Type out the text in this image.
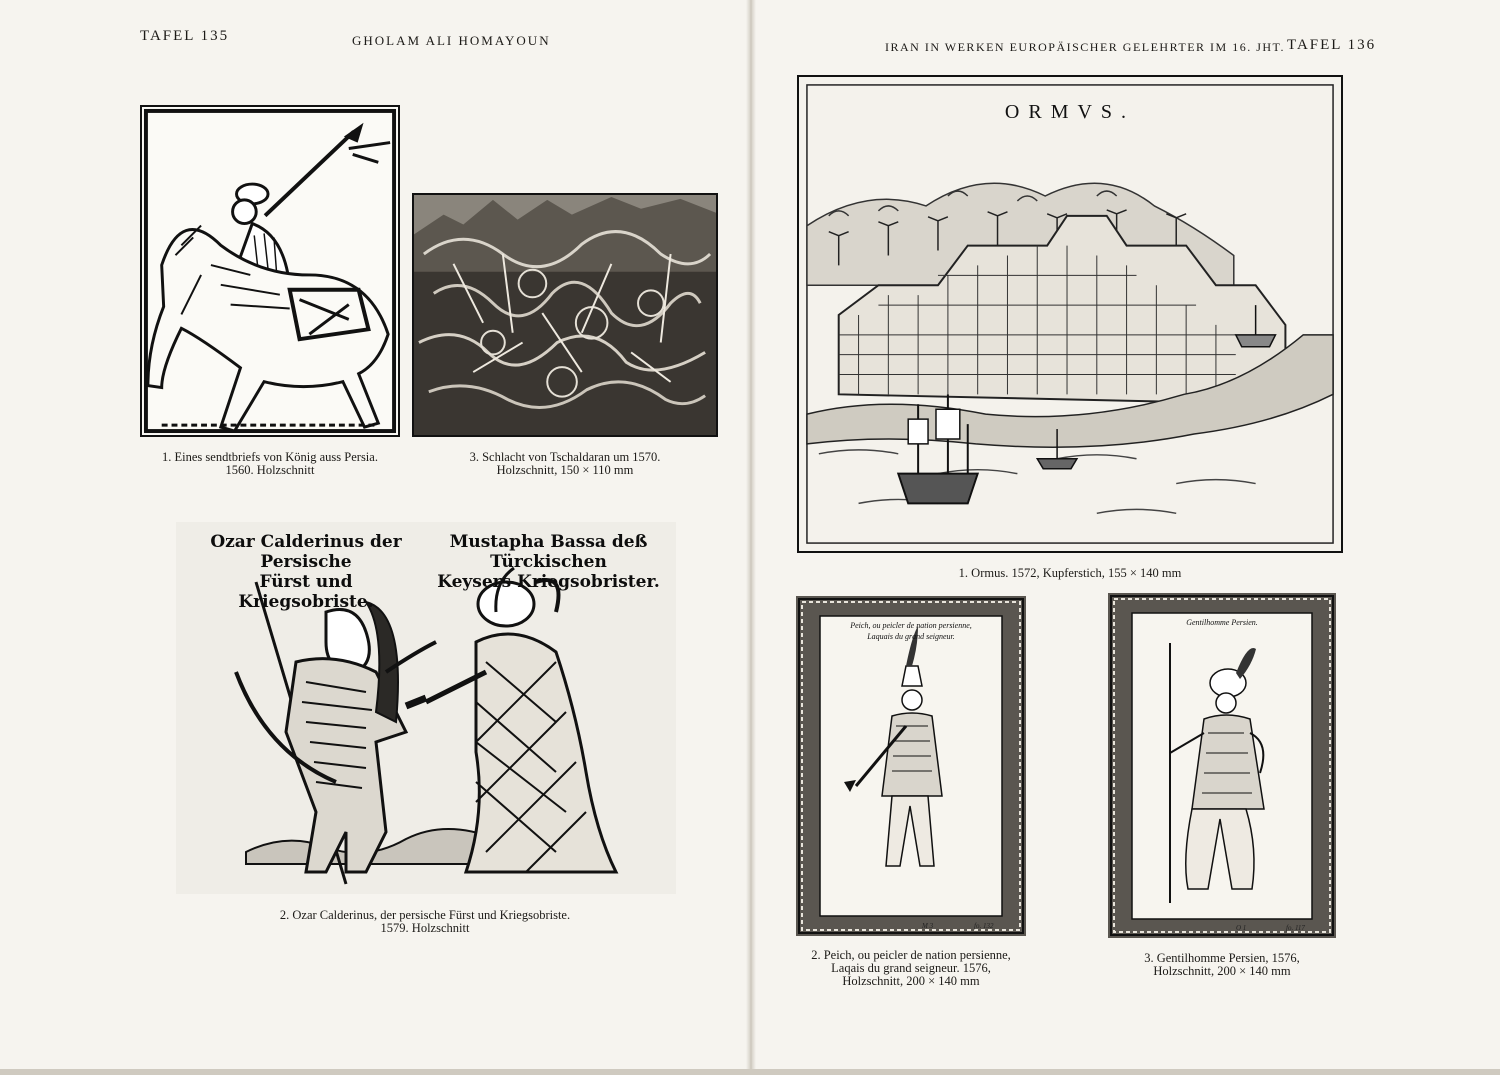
TAFEL 135	GHOLAM ALI HOMAYOUN
1. Eines sendtbriefs von König auss Persia.
1560. Holzschnitt
3. Schlacht von Tschaldaran um 1570.
Holzschnitt, 150 × 110 mm
Ozar Calderinus der Persische
Fürst und Kriegsobriste.
Mustapha Bassa deß Türckischen
Keysers Kriegsobrister.
2. Ozar Calderinus, der persische Fürst und Kriegsobriste.
1579. Holzschnitt
IRAN IN WERKEN EUROPÄISCHER GELEHRTER IM 16. JHT. TAFEL 136
ORMVS.
1. Ormus. 1572, Kupferstich, 155 × 140 mm
Peich, ou peicler de nation persienne,
Laquais du grand seigneur.
M 3	fo. 132
2. Peich, ou peicler de nation persienne,
Laqais du grand seigneur. 1576,
Holzschnitt, 200 × 140 mm
Gentilhomme Persien.
O 1	fo. 117
3. Gentilhomme Persien, 1576,
Holzschnitt, 200 × 140 mm
